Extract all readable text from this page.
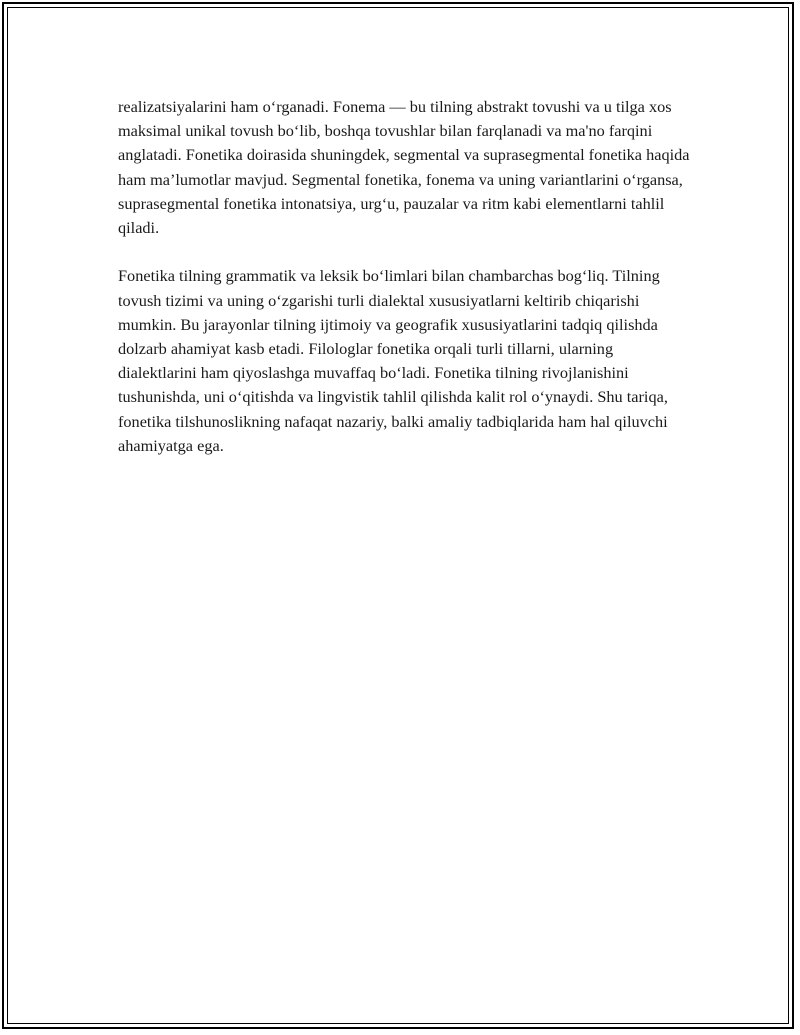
realizatsiyalarini ham oʻrganadi. Fonema — bu tilning abstrakt tovushi va u tilga xos maksimal unikal tovush boʻlib, boshqa tovushlar bilan farqlanadi va ma'no farqini anglatadi. Fonetika doirasida shuningdek, segmental va suprasegmental fonetika haqida ham maʼlumotlar mavjud. Segmental fonetika, fonema va uning variantlarini oʻrgansa, suprasegmental fonetika intonatsiya, urgʻu, pauzalar va ritm kabi elementlarni tahlil qiladi.

Fonetika tilning grammatik va leksik boʻlimlari bilan chambarchas bogʻliq. Tilning tovush tizimi va uning oʻzgarishi turli dialektal xususiyatlarni keltirib chiqarishi mumkin. Bu jarayonlar tilning ijtimoiy va geografik xususiyatlarini tadqiq qilishda dolzarb ahamiyat kasb etadi. Filologlar fonetika orqali turli tillarni, ularning dialektlarini ham qiyoslashga muvaffaq boʻladi. Fonetika tilning rivojlanishini tushunishda, uni oʻqitishda va lingvistik tahlil qilishda kalit rol oʻynaydi. Shu tariqa, fonetika tilshunoslikning nafaqat nazariy, balki amaliy tadbiqlarida ham hal qiluvchi ahamiyatga ega.
